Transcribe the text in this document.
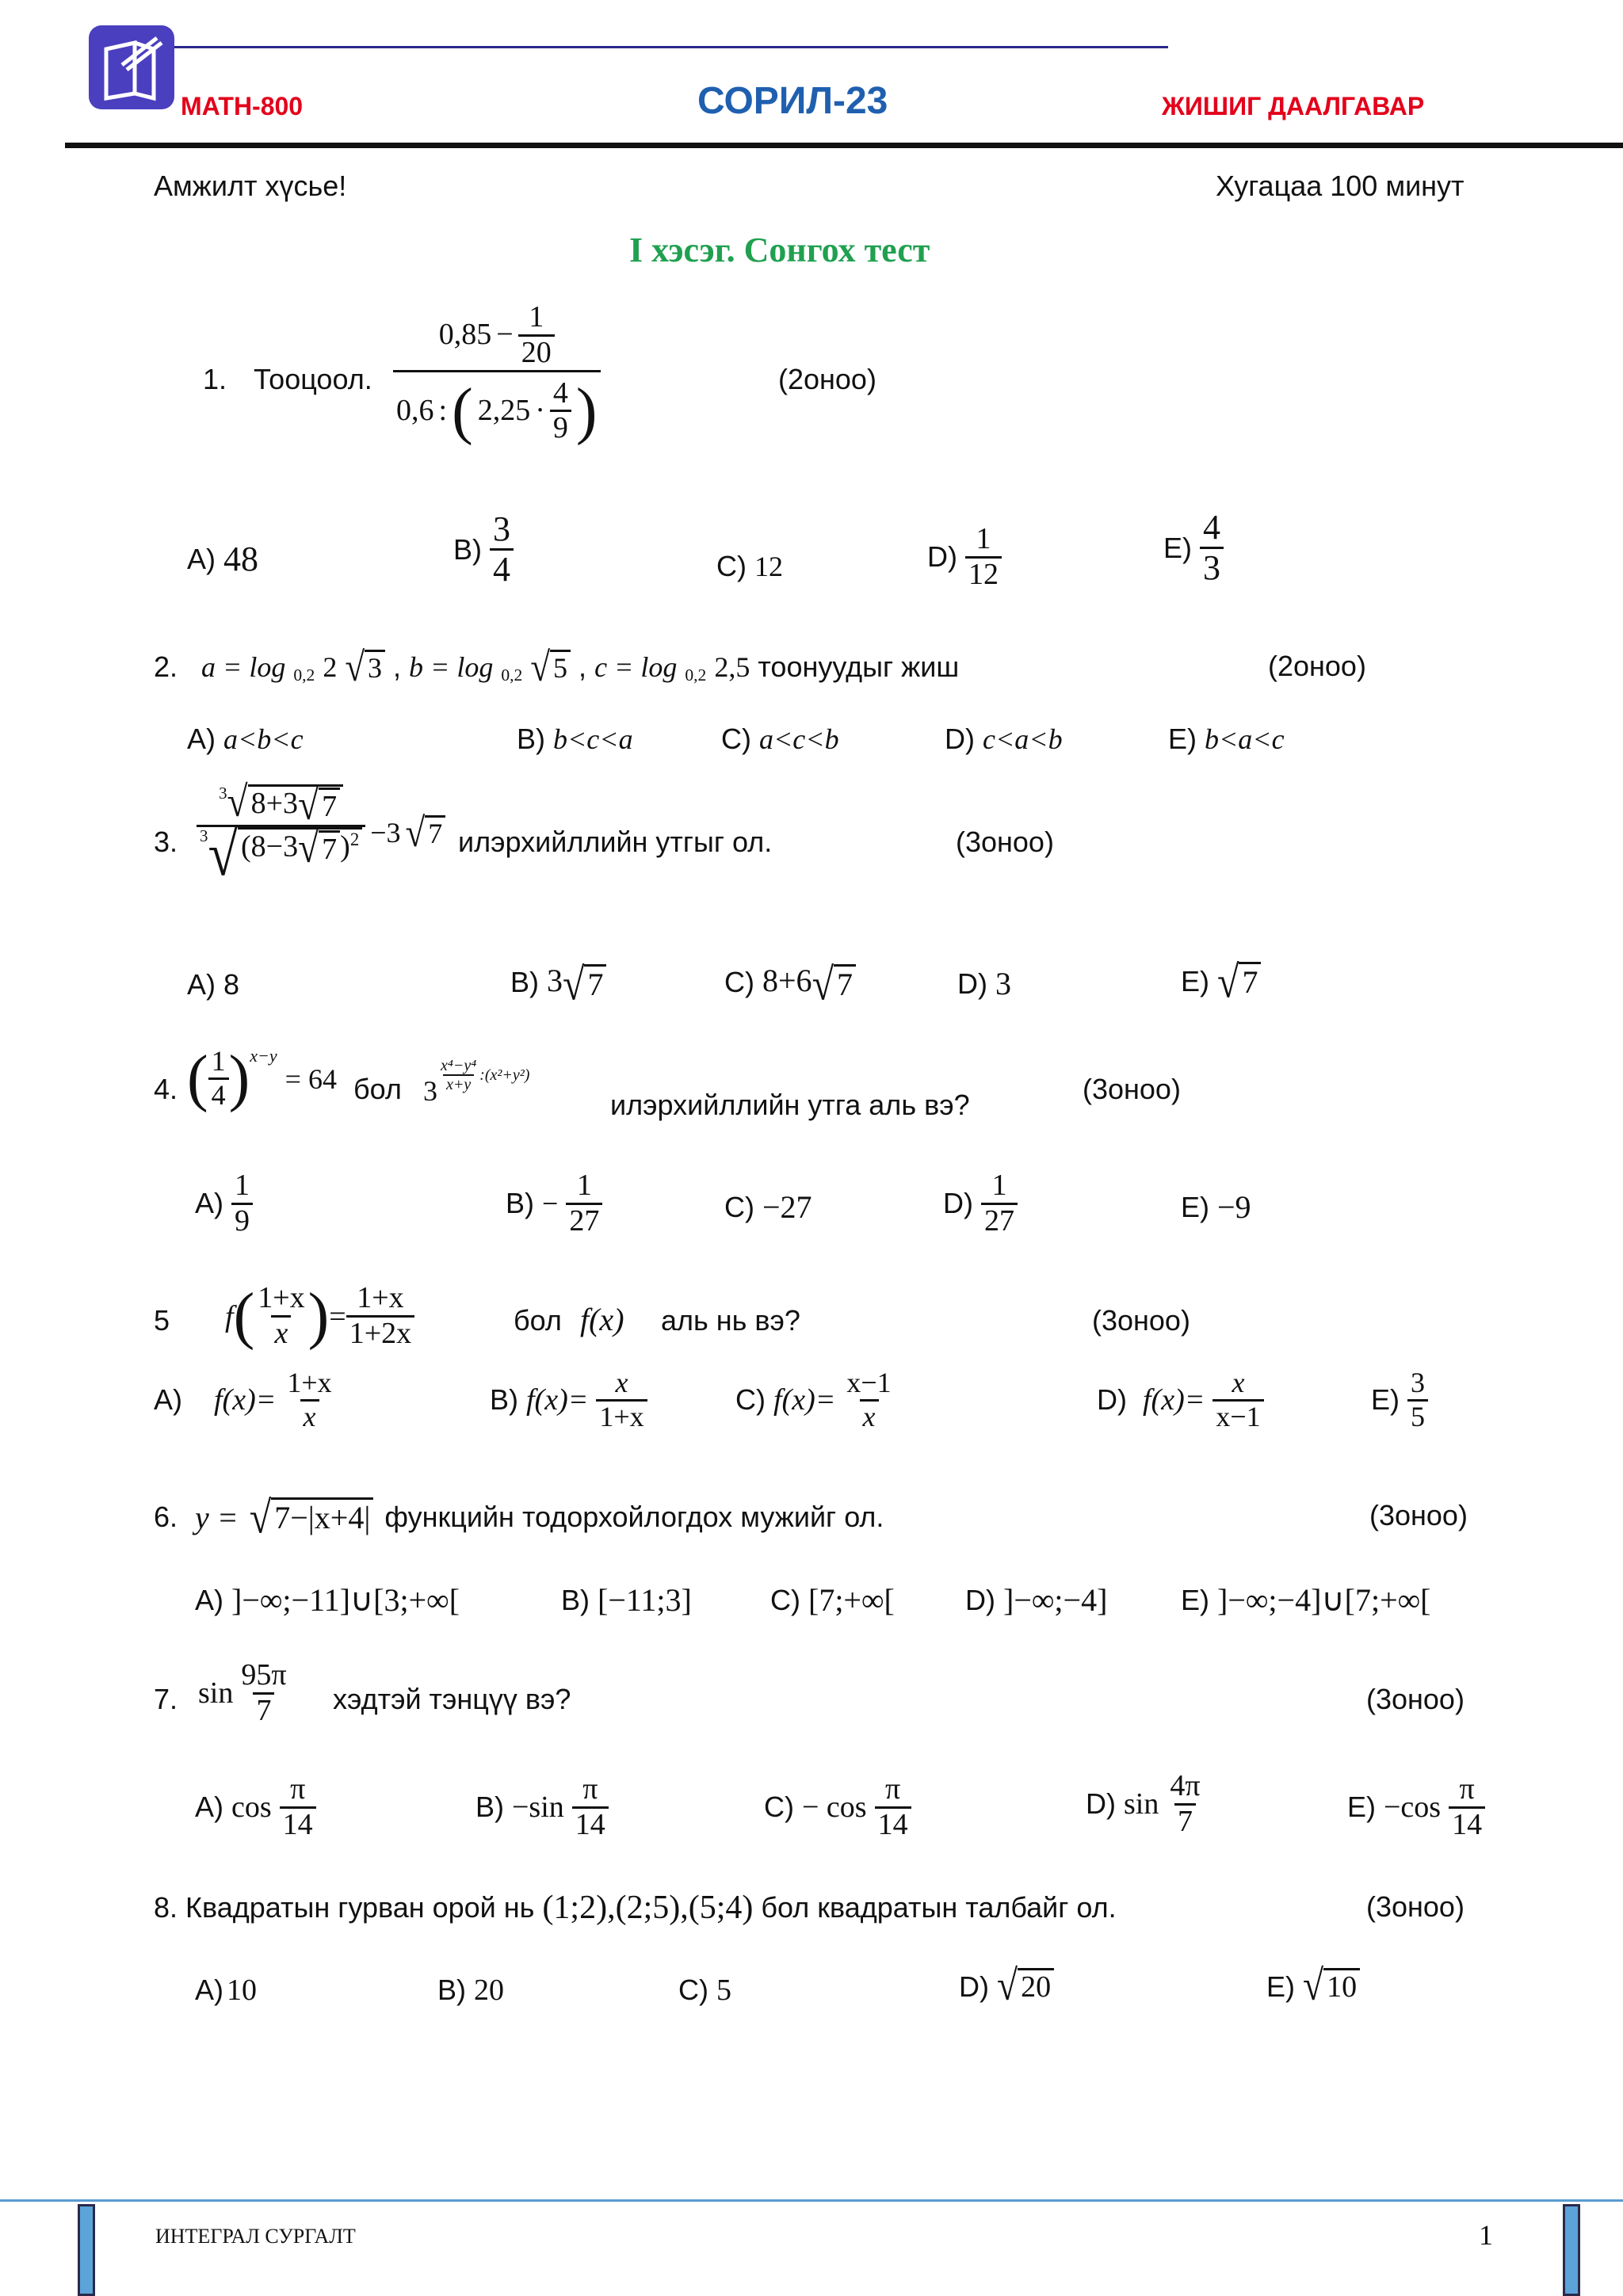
MATH-800	СОРИЛ-23	ЖИШИГ ДААЛГАВАР
Амжилт хүсье!	Хугацаа 100 минут
I хэсэг. Сонгох тест
1. Тооцоол. $\frac{0,85 - \frac{1}{20}}{0,6 : ( 2,25 \cdot \frac{4}{9} )}$	(2оноо)
A) 48	$B) \frac{3}{4}$	C) 12	$D) \frac{1}{12}$	$E) \frac{4}{3}$
2. a = log $_{0,2}$ 2 √ 3 , b = log $_{0,2}$ √ 5 , c = log $_{0,2}$ 2,5 тоонуудыг жиш	(2оноо)
A) a<b<c	B) b<c<a	C) a<c<b	D) c<a<b	E) b<a<c
3. $\frac{^3 √ 8+3 √ 7}{^3 √ (8-3 √ 7 )^2} -3$ √ 7 илэрхийллийн утгыг ол.	(3оноо)
A) 8	B) 3 √ 7	C) 8+6 √ 7	D) 3	E) √ 7
4. ( $\frac{1}{4}$ ) x−y
= 64 бол $3 \frac{\text{x⁴−y⁴}}{x+y}$ :(x²+y²)
илэрхийллийн утга аль вэ?	(3оноо)
$A) \frac{1}{9}$	$B) - \frac{1}{27}$	C) −27	$D) \frac{1}{27}$	E) −9
5 f ( $\frac{1+x}{x}$ ) = $\frac{1+x}{1+2x}$	бол f(x) аль нь вэ?	(3оноо)
A) $f(x)= \frac{1+x}{x}$	B) $f(x)= \frac{x}{1+x}$	C) $f(x)= \frac{x-1}{x}$	D) $f(x)= \frac{x}{x-1}$	$E) \frac{3}{5}$
6. y = √ 7−|x+4| функцийн тодорхойлогдох мужийг ол.	(3оноо)
A) ]−∞;−11]∪[3;+∞[	B) [−11;3]	C) [7;+∞[ D) ]−∞;−4]	E) ]−∞;−4]∪[7;+∞[
7. $\sin \frac{95\pi}{7}$ хэдтэй тэнцүү вэ?	(3оноо)
A) $\cos \frac{\pi}{14}$	$B) -\sin \frac{\pi}{14}$	$C) - \cos \frac{\pi}{14}$	D) $\sin \frac{4\pi}{7}$	$E) -\cos \frac{\pi}{14}$
8. Квадратын гурван орой нь (1;2),(2;5),(5;4) бол квадратын талбайг ол.	(3оноо)
A) 10	B) 20	C) 5	D) √ 20	E) √ 10
ИНТЕГРАЛ СУРГАЛТ	1
